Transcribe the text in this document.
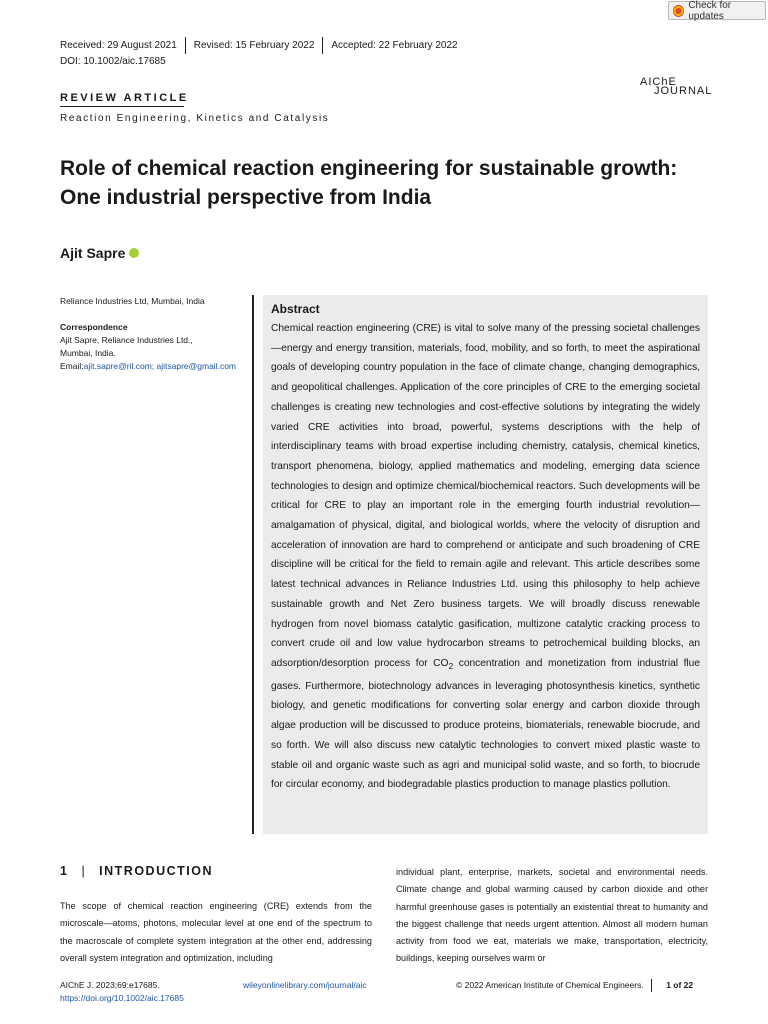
Check for updates
Received: 29 August 2021 Revised: 15 February 2022 Accepted: 22 February 2022
DOI: 10.1002/aic.17685
AIChE
JOURNAL
REVIEW ARTICLE
Reaction Engineering, Kinetics and Catalysis
Role of chemical reaction engineering for sustainable growth: One industrial perspective from India
Ajit Sapre
Reliance Industries Ltd, Mumbai, India
Correspondence
Ajit Sapre, Reliance Industries Ltd.,
Mumbai, India.
Email:ajit.sapre@ril.com; ajitsapre@gmail.com
Abstract

Chemical reaction engineering (CRE) is vital to solve many of the pressing societal challenges—energy and energy transition, materials, food, mobility, and so forth, to meet the aspirational goals of developing country population in the face of climate change, changing demographics, and geopolitical challenges. Application of the core principles of CRE to the emerging societal challenges is creating new technologies and cost-effective solutions by integrating the widely varied CRE activities into broad, powerful, systems descriptions with the help of interdisciplinary teams with broad expertise including chemistry, catalysis, chemical kinetics, transport phenomena, biology, applied mathematics and modeling, emerging data science technologies to design and optimize chemical/biochemical reactors. Such developments will be critical for CRE to play an important role in the emerging fourth industrial revolution—amalgamation of physical, digital, and biological worlds, where the velocity of disruption and acceleration of innovation are hard to comprehend or anticipate and such broadening of CRE discipline will be critical for the field to remain agile and relevant. This article describes some latest technical advances in Reliance Industries Ltd. using this philosophy to help achieve sustainable growth and Net Zero business targets. We will broadly discuss renewable hydrogen from novel biomass catalytic gasification, multizone catalytic cracking process to convert crude oil and low value hydrocarbon streams to petrochemical building blocks, an adsorption/desorption process for $CO_2$ concentration and monetization from industrial flue gases. Furthermore, biotechnology advances in leveraging photosynthesis kinetics, synthetic biology, and genetic modifications for converting solar energy and carbon dioxide through algae production will be discussed to produce proteins, biomaterials, renewable biocrude, and so forth. We will also discuss new catalytic technologies to convert mixed plastic waste to stable oil and organic waste such as agri and municipal solid waste, and so forth, to biocrude for circular economy, and biodegradable plastics production to manage plastics pollution.

1 | INTRODUCTION

The scope of chemical reaction engineering (CRE) extends from the microscale—atoms, photons, molecular level at one end of the spectrum to the macroscale of complete system integration at the other end, addressing overall system integration and optimization, including

individual plant, enterprise, markets, societal and environmental needs. Climate change and global warming caused by carbon dioxide and other harmful greenhouse gases is potentially an existential threat to humanity and the biggest challenge that needs urgent attention. Almost all modern human activity from food we eat, materials we make, transportation, electricity, buildings, keeping ourselves warm or

AIChE J. 2023;69:e17685.
https://doi.org/10.1002/aic.17685
wileyonlinelibrary.com/journal/aic	© 2022 American Institute of Chemical Engineers.	1 of 22
